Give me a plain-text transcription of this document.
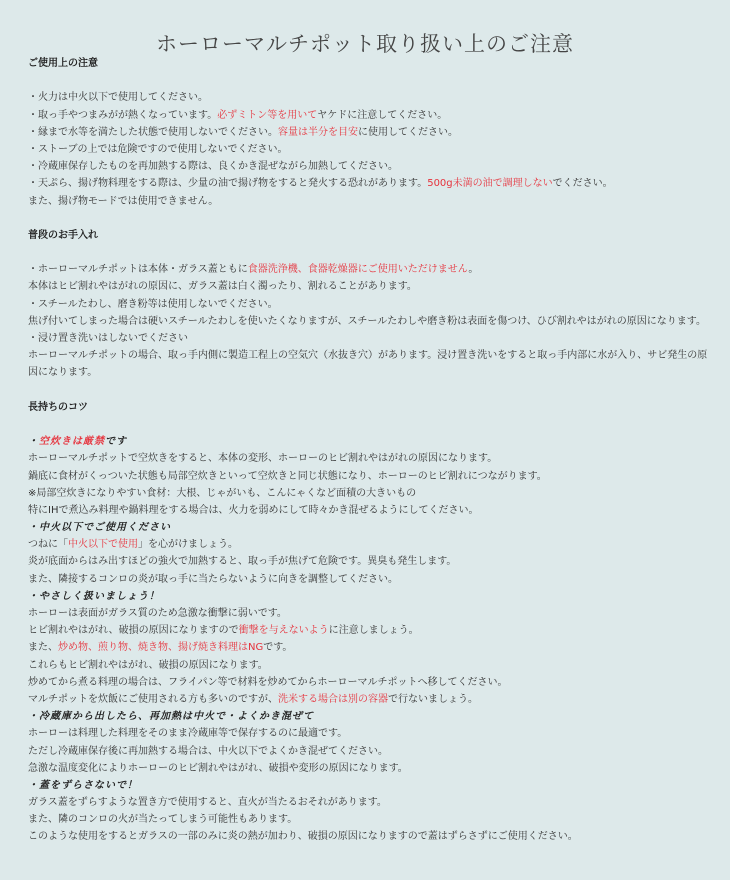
ホーローマルチポット取り扱い上のご注意
ご使用上の注意
・火力は中火以下で使用してください。
・取っ手やつまみがが熱くなっています。必ずミトン等を用いてヤケドに注意してください。
・縁まで水等を満たした状態で使用しないでください。容量は半分を目安に使用してください。
・ストーブの上では危険ですので使用しないでください。
・冷蔵庫保存したものを再加熱する際は、良くかき混ぜながら加熱してください。
・天ぷら、揚げ物料理をする際は、少量の油で揚げ物をすると発火する恐れがあります。500g未満の油で調理しないでください。
また、揚げ物モードでは使用できません。
普段のお手入れ
・ホーローマルチポットは本体・ガラス蓋ともに食器洗浄機、食器乾燥器にご使用いただけません。
本体はヒビ割れやはがれの原因に、ガラス蓋は白く濁ったり、割れることがあります。
・スチールたわし、磨き粉等は使用しないでください。
焦げ付いてしまった場合は硬いスチールたわしを使いたくなりますが、スチールたわしや磨き粉は表面を傷つけ、ひび割れやはがれの原因になります。
・浸け置き洗いはしないでください
ホーローマルチポットの場合、取っ手内側に製造工程上の空気穴（水抜き穴）があります。浸け置き洗いをすると取っ手内部に水が入り、サビ発生の原因になります。
長持ちのコツ
・空炊きは厳禁です
ホーローマルチポットで空炊きをすると、本体の変形、ホーローのヒビ割れやはがれの原因になります。
鍋底に食材がくっついた状態も局部空炊きといって空炊きと同じ状態になり、ホーローのヒビ割れにつながります。
※局部空炊きになりやすい食材：大根、じゃがいも、こんにゃくなど面積の大きいもの
特にIHで煮込み料理や鍋料理をする場合は、火力を弱めにして時々かき混ぜるようにしてください。
・中火以下でご使用ください
つねに「中火以下で使用」を心がけましょう。
炎が底面からはみ出すほどの強火で加熱すると、取っ手が焦げて危険です。異臭も発生します。
また、隣接するコンロの炎が取っ手に当たらないように向きを調整してください。
・やさしく扱いましょう！
ホーローは表面がガラス質のため急激な衝撃に弱いです。
ヒビ割れやはがれ、破損の原因になりますので衝撃を与えないように注意しましょう。
また、炒め物、煎り物、焼き物、揚げ焼き料理はNGです。
これらもヒビ割れやはがれ、破損の原因になります。
炒めてから煮る料理の場合は、フライパン等で材料を炒めてからホーローマルチポットへ移してください。
マルチポットを炊飯にご使用される方も多いのですが、洗米する場合は別の容器で行ないましょう。
・冷蔵庫から出したら、再加熱は中火で・よくかき混ぜて
ホーローは料理した料理をそのまま冷蔵庫等で保存するのに最適です。
ただし冷蔵庫保存後に再加熱する場合は、中火以下でよくかき混ぜてください。
急激な温度変化によりホーローのヒビ割れやはがれ、破損や変形の原因になります。
・蓋をずらさないで！
ガラス蓋をずらすような置き方で使用すると、直火が当たるおそれがあります。
また、隣のコンロの火が当たってしまう可能性もあります。
このような使用をするとガラスの一部のみに炎の熱が加わり、破損の原因になりますので蓋はずらさずにご使用ください。
